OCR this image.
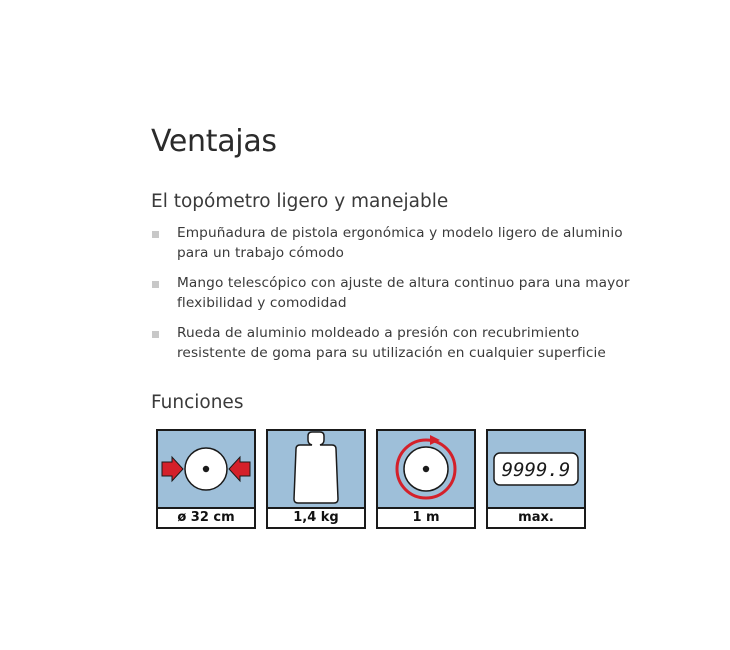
Ventajas
El topómetro ligero y manejable
Empuñadura de pistola ergonómica y modelo ligero de aluminio para un trabajo cómodo
Mango telescópico con ajuste de altura continuo para una mayor flexibilidad y comodidad
Rueda de aluminio moldeado a presión con recubrimiento resistente de goma para su utilización en cualquier superficie
Funciones
ø 32 cm	1,4 kg	1 m
9999.9
max.
